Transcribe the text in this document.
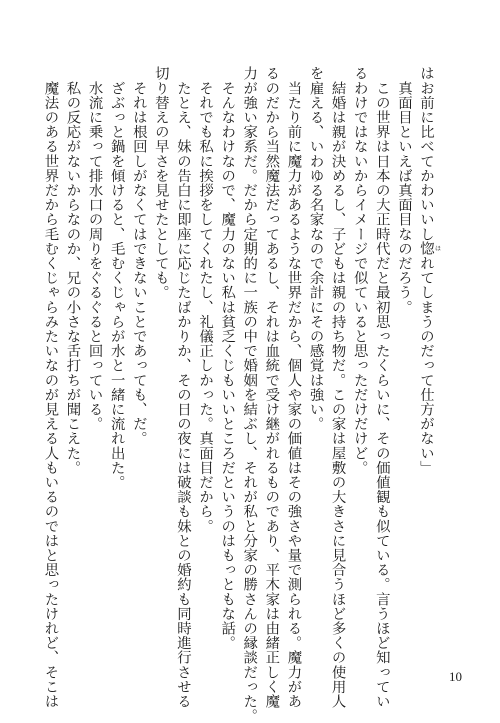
はお前に比べてかわいいし惚 ほれてしまうのだって仕方がない」
　真面目といえば真面目なのだろう。
　この世界は日本の大正時代だと最初思ったくらいに、その価値観も似ている。言うほど知ってい
るわけではないからイメージで似ていると思っただけだけど。
　結婚は親が決めるし、子どもは親の持ち物だ。この家は屋敷の大きさに見合うほど多くの使用人
を雇える、いわゆる名家なので余計にその感覚は強い。
　当たり前に魔力があるような世界だから、個人や家の価値はその強さや量で測られる。魔力があ
るのだから当然魔法だってあるし、それは血統で受け継がれるものであり、平木家は由緒正しく魔
力が強い家系だ。だから定期的に一族の中で婚姻を結ぶし、それが私と分家の勝さんの縁談だった。
　そんなわけなので、魔力のない私は貧乏くじもいいところだというのはもっともな話。
　それでも私に挨拶をしてくれたし、礼儀正しかった。真面目だから。
　たとえ、妹の告白に即座に応じたばかりか、その日の夜には破談も妹との婚約も同時進行させる
切り替えの早さを見せたとしても。
　それは根回しがなくてはできないことであっても、だ。
　ざぶっと鍋を傾けると、毛むくじゃらが水と一緒に流れ出た。
　水流に乗って排水口の周りをぐるぐると回っている。
　私の反応がないからなのか、兄の小さな舌打ちが聞こえた。
　魔法のある世界だから毛むくじゃらみたいなのが見える人もいるのではと思ったけれど、そこは	10
